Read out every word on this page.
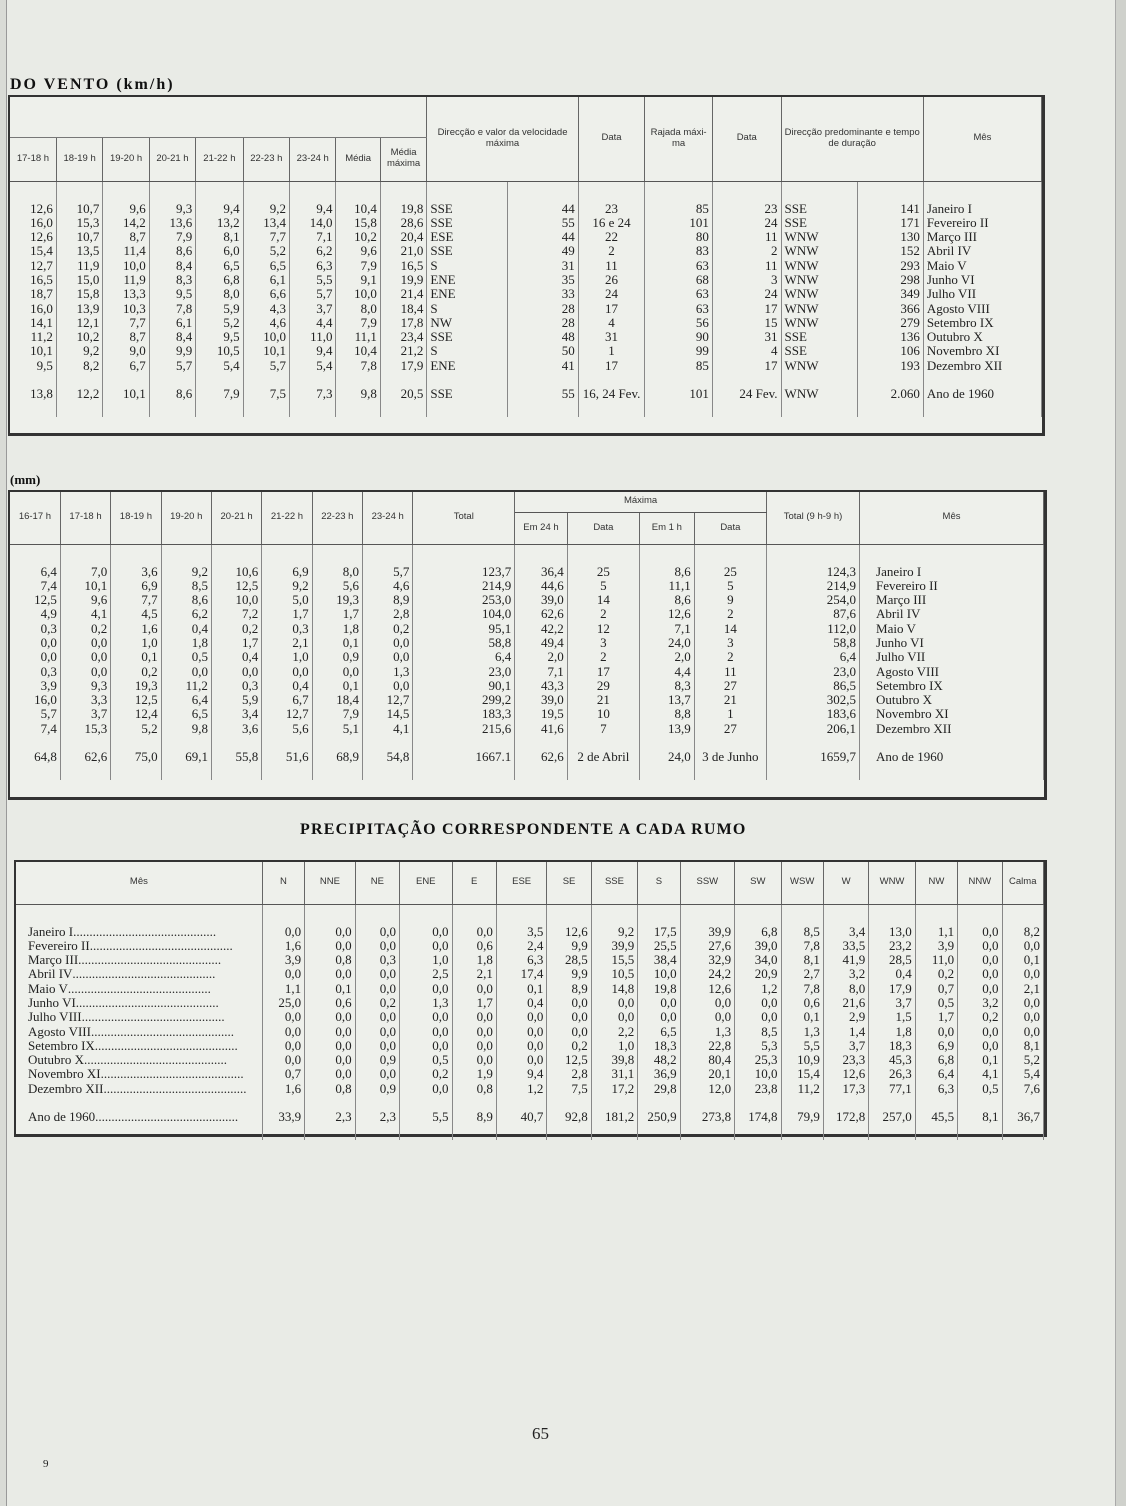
DO VENTO (km/h)
									Direcção e valor da velocidade máxima		Data	Rajada máxi-ma	Data	Direcção predominante e tempo de duração		Mês
17-18 h	18-19 h	19-20 h	20-21 h	21-22 h	22-23 h	23-24 h	Média	Média máxima								

12,6	10,7	9,6	9,3	9,4	9,2	9,4	10,4	19,8	SSE	44	23	85	23	SSE	141	Janeiro I
16,0	15,3	14,2	13,6	13,2	13,4	14,0	15,8	28,6	SSE	55	16 e 24	101	24	SSE	171	Fevereiro II
12,6	10,7	8,7	7,9	8,1	7,7	7,1	10,2	20,4	ESE	44	22	80	11	WNW	130	Março III
15,4	13,5	11,4	8,6	6,0	5,2	6,2	9,6	21,0	SSE	49	2	83	2	WNW	152	Abril IV
12,7	11,9	10,0	8,4	6,5	6,5	6,3	7,9	16,5	S	31	11	63	11	WNW	293	Maio V
16,5	15,0	11,9	8,3	6,8	6,1	5,5	9,1	19,9	ENE	35	26	68	3	WNW	298	Junho VI
18,7	15,8	13,3	9,5	8,0	6,6	5,7	10,0	21,4	ENE	33	24	63	24	WNW	349	Julho VII
16,0	13,9	10,3	7,8	5,9	4,3	3,7	8,0	18,4	S	28	17	63	17	WNW	366	Agosto VIII
14,1	12,1	7,7	6,1	5,2	4,6	4,4	7,9	17,8	NW	28	4	56	15	WNW	279	Setembro IX
11,2	10,2	8,7	8,4	9,5	10,0	11,0	11,1	23,4	SSE	48	31	90	31	SSE	136	Outubro X
10,1	9,2	9,0	9,9	10,5	10,1	9,4	10,4	21,2	S	50	1	99	4	SSE	106	Novembro XI
9,5	8,2	6,7	5,7	5,4	5,7	5,4	7,8	17,9	ENE	41	17	85	17	WNW	193	Dezembro XII

13,8	12,2	10,1	8,6	7,9	7,5	7,3	9,8	20,5	SSE	55	16, 24 Fev.	101	24 Fev.	WNW	2.060	Ano de 1960

(mm)
16-17 h	17-18 h	18-19 h	19-20 h	20-21 h	21-22 h	22-23 h	23-24 h	Total	Máxima				Total (9 h-9 h)	Mês
									Em 24 h	Data	Em 1 h	Data		

6,4	7,0	3,6	9,2	10,6	6,9	8,0	5,7	123,7	36,4	25	8,6	25	124,3	Janeiro I
7,4	10,1	6,9	8,5	12,5	9,2	5,6	4,6	214,9	44,6	5	11,1	5	214,9	Fevereiro II
12,5	9,6	7,7	8,6	10,0	5,0	19,3	8,9	253,0	39,0	14	8,6	9	254,0	Março III
4,9	4,1	4,5	6,2	7,2	1,7	1,7	2,8	104,0	62,6	2	12,6	2	87,6	Abril IV
0,3	0,2	1,6	0,4	0,2	0,3	1,8	0,2	95,1	42,2	12	7,1	14	112,0	Maio V
0,0	0,0	1,0	1,8	1,7	2,1	0,1	0,0	58,8	49,4	3	24,0	3	58,8	Junho VI
0,0	0,0	0,1	0,5	0,4	1,0	0,9	0,0	6,4	2,0	2	2,0	2	6,4	Julho VII
0,3	0,0	0,2	0,0	0,0	0,0	0,0	1,3	23,0	7,1	17	4,4	11	23,0	Agosto VIII
3,9	9,3	19,3	11,2	0,3	0,4	0,1	0,0	90,1	43,3	29	8,3	27	86,5	Setembro IX
16,0	3,3	12,5	6,4	5,9	6,7	18,4	12,7	299,2	39,0	21	13,7	21	302,5	Outubro X
5,7	3,7	12,4	6,5	3,4	12,7	7,9	14,5	183,3	19,5	10	8,8	1	183,6	Novembro XI
7,4	15,3	5,2	9,8	3,6	5,6	5,1	4,1	215,6	41,6	7	13,9	27	206,1	Dezembro XII

64,8	62,6	75,0	69,1	55,8	51,6	68,9	54,8	1667.1	62,6	2 de Abril	24,0	3 de Junho	1659,7	Ano de 1960

PRECIPITAÇÃO CORRESPONDENTE A CADA RUMO
Mês	N	NNE	NE	ENE	E	ESE	SE	SSE	S	SSW	SW	WSW	W	WNW	NW	NNW	Calma

Janeiro I............................................	0,0	0,0	0,0	0,0	0,0	3,5	12,6	9,2	17,5	39,9	6,8	8,5	3,4	13,0	1,1	0,0	8,2
Fevereiro II............................................	1,6	0,0	0,0	0,0	0,6	2,4	9,9	39,9	25,5	27,6	39,0	7,8	33,5	23,2	3,9	0,0	0,0
Março III............................................	3,9	0,8	0,3	1,0	1,8	6,3	28,5	15,5	38,4	32,9	34,0	8,1	41,9	28,5	11,0	0,0	0,1
Abril IV............................................	0,0	0,0	0,0	2,5	2,1	17,4	9,9	10,5	10,0	24,2	20,9	2,7	3,2	0,4	0,2	0,0	0,0
Maio V............................................	1,1	0,1	0,0	0,0	0,0	0,1	8,9	14,8	19,8	12,6	1,2	7,8	8,0	17,9	0,7	0,0	2,1
Junho VI............................................	25,0	0,6	0,2	1,3	1,7	0,4	0,0	0,0	0,0	0,0	0,0	0,6	21,6	3,7	0,5	3,2	0,0
Julho VIII............................................	0,0	0,0	0,0	0,0	0,0	0,0	0,0	0,0	0,0	0,0	0,0	0,1	2,9	1,5	1,7	0,2	0,0
Agosto VIII............................................	0,0	0,0	0,0	0,0	0,0	0,0	0,0	2,2	6,5	1,3	8,5	1,3	1,4	1,8	0,0	0,0	0,0
Setembro IX............................................	0,0	0,0	0,0	0,0	0,0	0,0	0,2	1,0	18,3	22,8	5,3	5,5	3,7	18,3	6,9	0,0	8,1
Outubro X............................................	0,0	0,0	0,9	0,5	0,0	0,0	12,5	39,8	48,2	80,4	25,3	10,9	23,3	45,3	6,8	0,1	5,2
Novembro XI............................................	0,7	0,0	0,0	0,2	1,9	9,4	2,8	31,1	36,9	20,1	10,0	15,4	12,6	26,3	6,4	4,1	5,4
Dezembro XII............................................	1,6	0,8	0,9	0,0	0,8	1,2	7,5	17,2	29,8	12,0	23,8	11,2	17,3	77,1	6,3	0,5	7,6

Ano de 1960............................................	33,9	2,3	2,3	5,5	8,9	40,7	92,8	181,2	250,9	273,8	174,8	79,9	172,8	257,0	45,5	8,1	36,7

65
9
